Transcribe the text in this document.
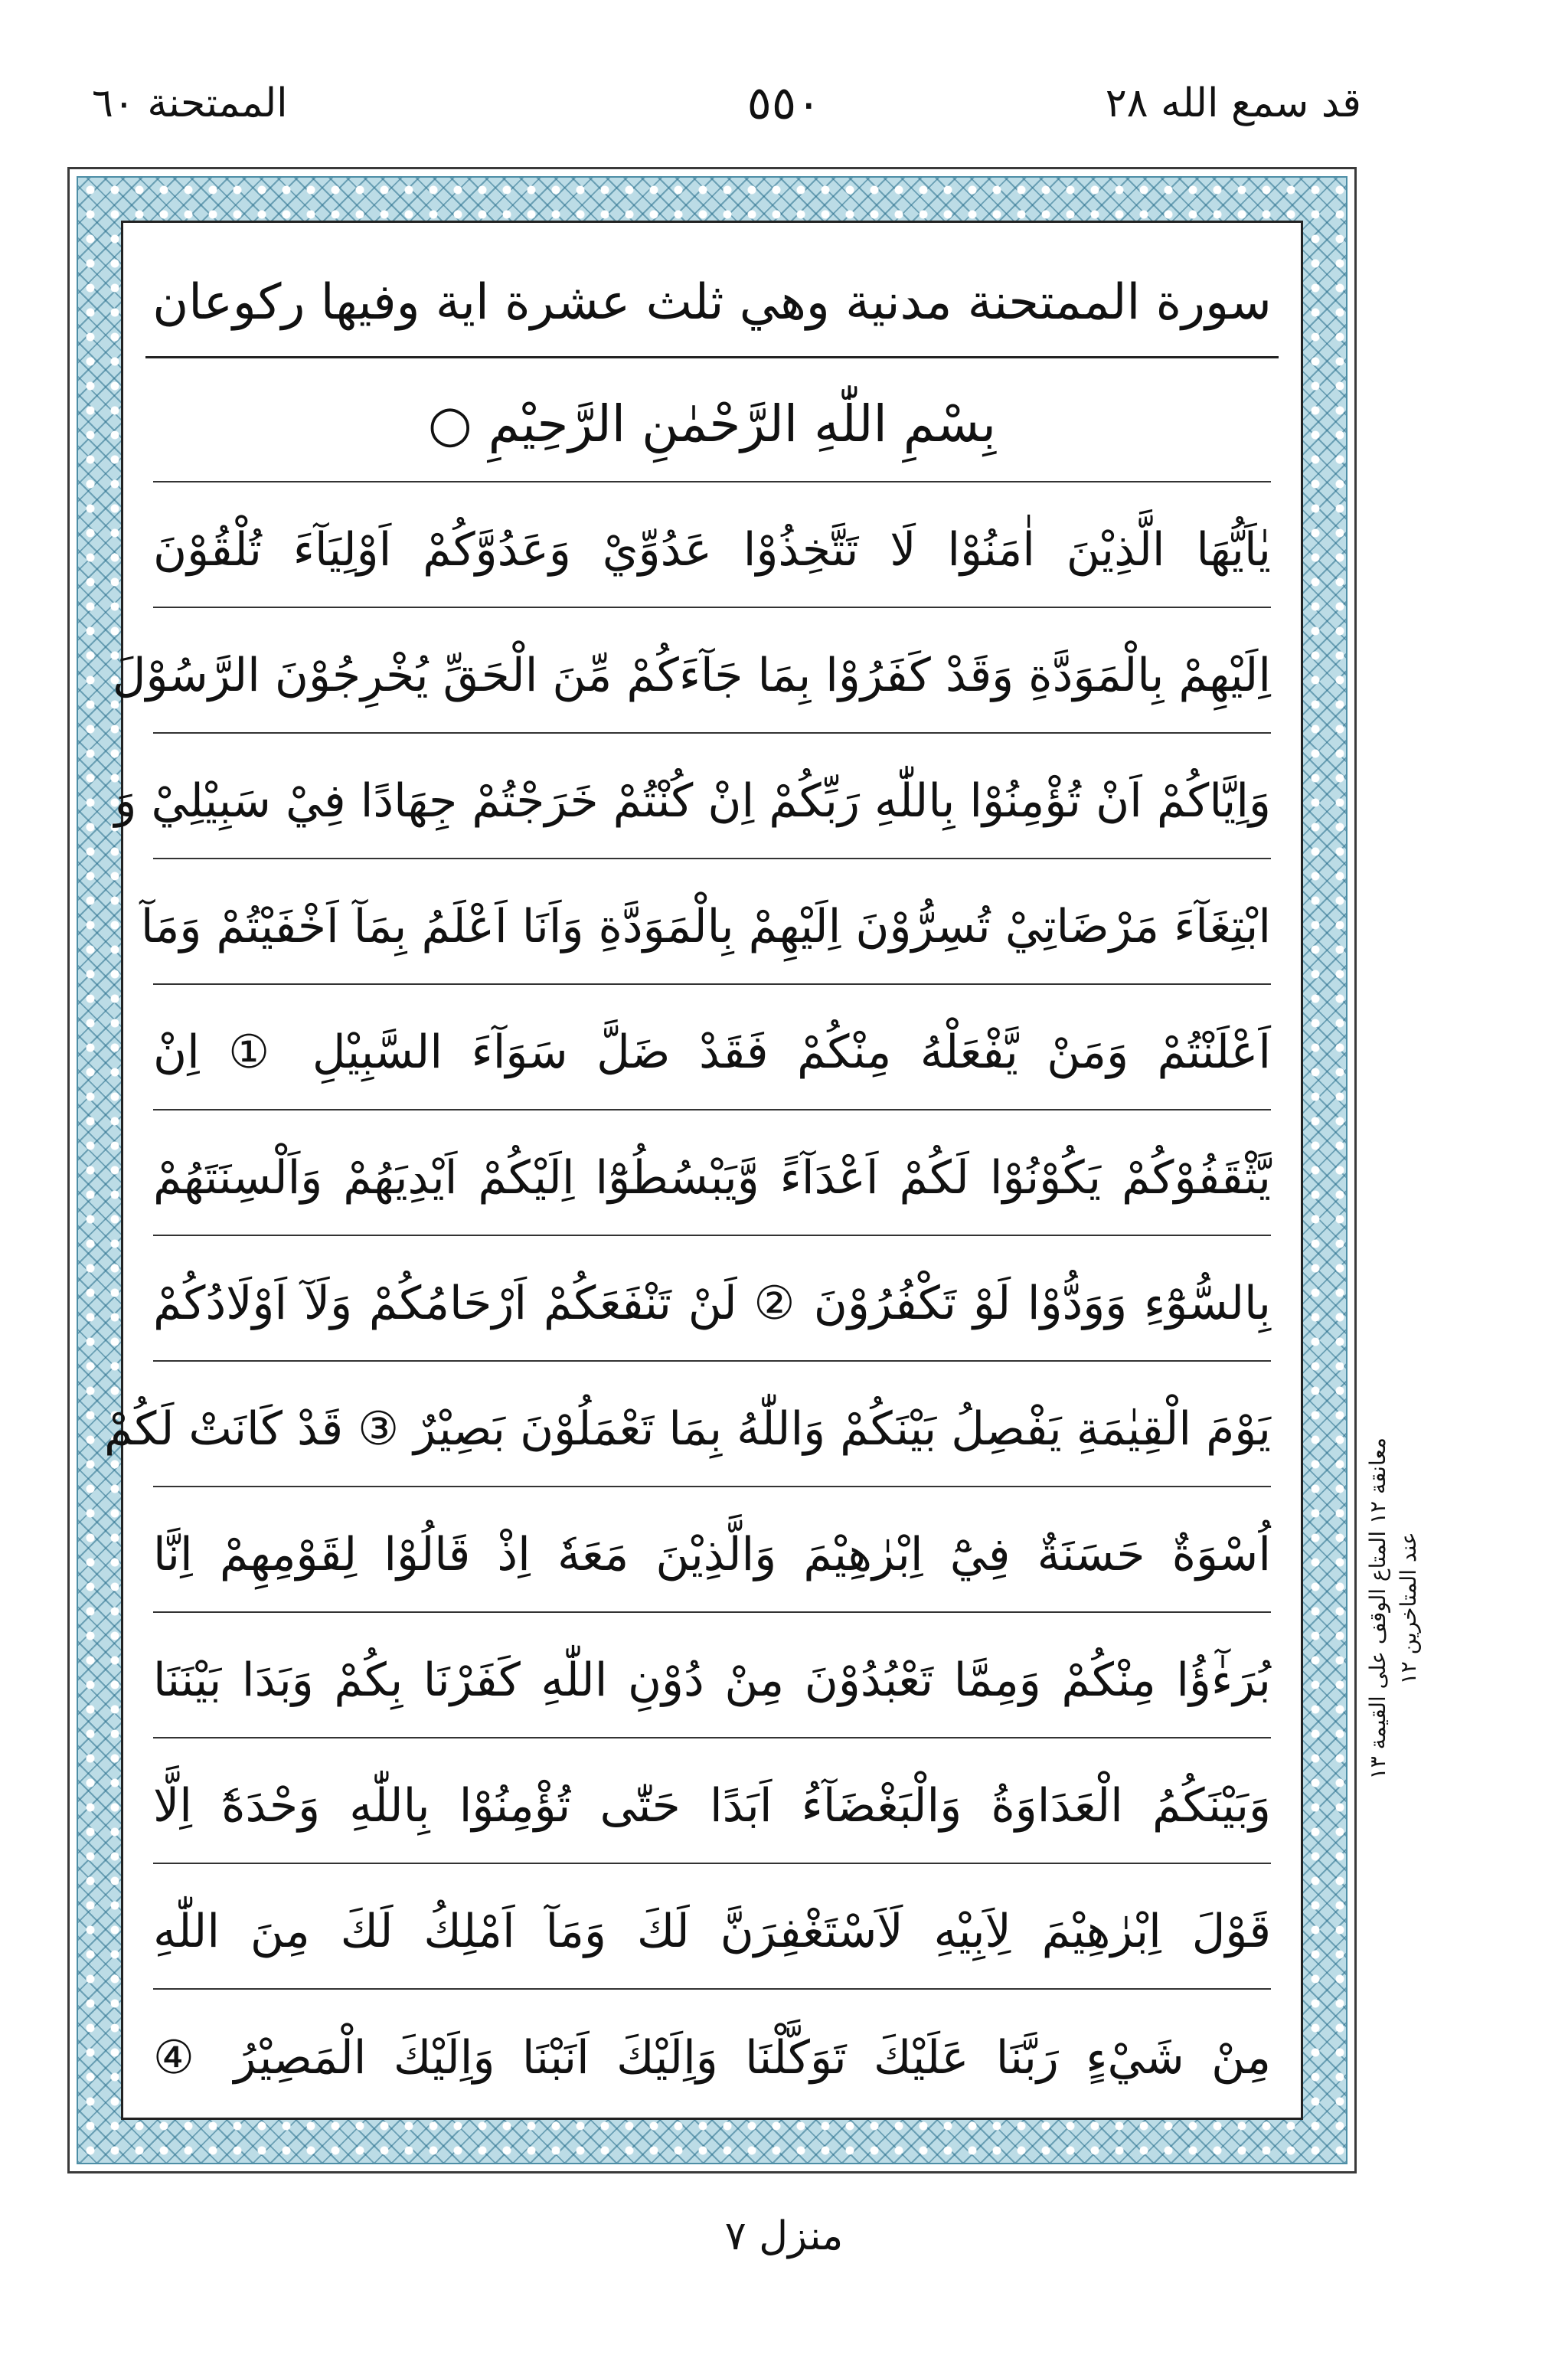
قد سمع الله ٢٨
٥٥٠
الممتحنة ٦٠
سورة الممتحنة مدنية وهي ثلث عشرة اية وفيها ركوعان
بِسْمِ اللّٰهِ الرَّحْمٰنِ الرَّحِيْمِ ○
يٰاَيُّهَا الَّذِيْنَ اٰمَنُوْا لَا تَتَّخِذُوْا عَدُوِّيْ وَعَدُوَّكُمْ اَوْلِيَآءَ تُلْقُوْنَ
اِلَيْهِمْ بِالْمَوَدَّةِ وَقَدْ كَفَرُوْا بِمَا جَآءَكُمْ مِّنَ الْحَقِّ يُخْرِجُوْنَ الرَّسُوْلَ
وَاِيَّاكُمْ اَنْ تُؤْمِنُوْا بِاللّٰهِ رَبِّكُمْ اِنْ كُنْتُمْ خَرَجْتُمْ جِهَادًا فِيْ سَبِيْلِيْ وَ
ابْتِغَآءَ مَرْضَاتِيْ تُسِرُّوْنَ اِلَيْهِمْ بِالْمَوَدَّةِ وَاَنَا اَعْلَمُ بِمَآ اَخْفَيْتُمْ وَمَآ
اَعْلَنْتُمْ وَمَنْ يَّفْعَلْهُ مِنْكُمْ فَقَدْ ضَلَّ سَوَآءَ السَّبِيْلِ ① اِنْ
يَّثْقَفُوْكُمْ يَكُوْنُوْا لَكُمْ اَعْدَآءً وَّيَبْسُطُوْٓا اِلَيْكُمْ اَيْدِيَهُمْ وَاَلْسِنَتَهُمْ
بِالسُّوْٓءِ وَوَدُّوْا لَوْ تَكْفُرُوْنَ ② لَنْ تَنْفَعَكُمْ اَرْحَامُكُمْ وَلَآ اَوْلَادُكُمْ
يَوْمَ الْقِيٰمَةِ يَفْصِلُ بَيْنَكُمْ وَاللّٰهُ بِمَا تَعْمَلُوْنَ بَصِيْرٌ ③ قَدْ كَانَتْ لَكُمْ
اُسْوَةٌ حَسَنَةٌ فِيْٓ اِبْرٰهِيْمَ وَالَّذِيْنَ مَعَهٗ اِذْ قَالُوْا لِقَوْمِهِمْ اِنَّا
بُرَءٰٓؤُا مِنْكُمْ وَمِمَّا تَعْبُدُوْنَ مِنْ دُوْنِ اللّٰهِ كَفَرْنَا بِكُمْ وَبَدَا بَيْنَنَا
وَبَيْنَكُمُ الْعَدَاوَةُ وَالْبَغْضَآءُ اَبَدًا حَتّٰى تُؤْمِنُوْا بِاللّٰهِ وَحْدَهٗٓ اِلَّا
قَوْلَ اِبْرٰهِيْمَ لِاَبِيْهِ لَاَسْتَغْفِرَنَّ لَكَ وَمَآ اَمْلِكُ لَكَ مِنَ اللّٰهِ
مِنْ شَيْءٍ رَبَّنَا عَلَيْكَ تَوَكَّلْنَا وَاِلَيْكَ اَنَبْنَا وَاِلَيْكَ الْمَصِيْرُ ④
معانقة ١٢ المتاع الوقف على القيمة ١٣
عند المتاخرين ١٢
منزل ٧
